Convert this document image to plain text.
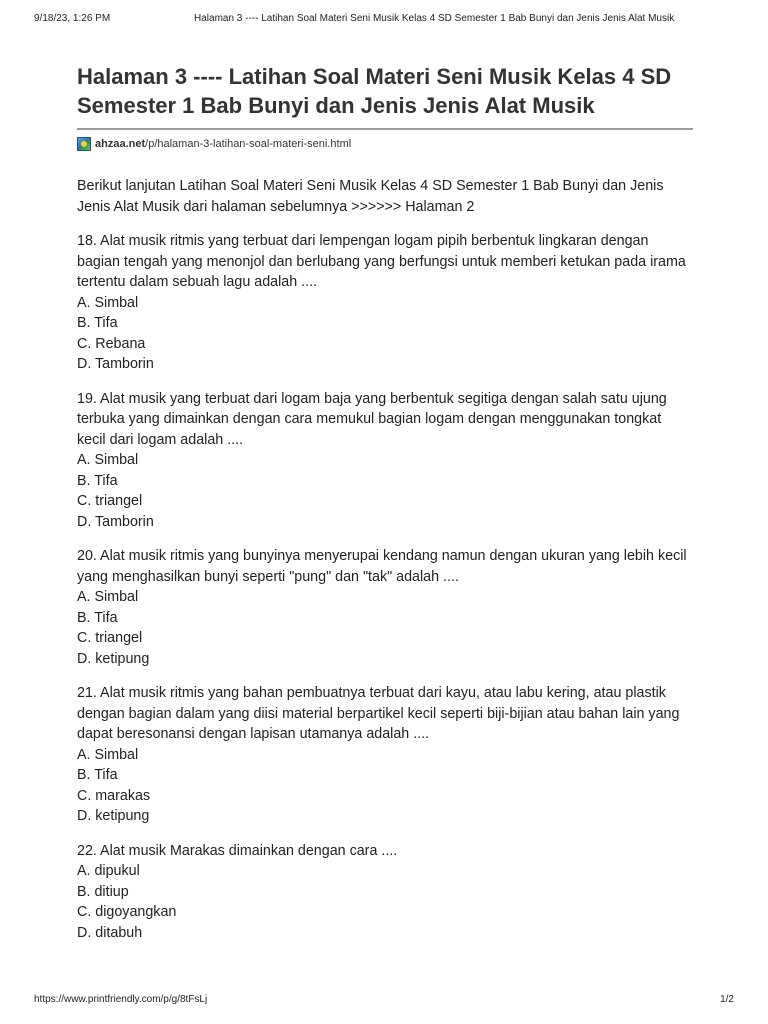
9/18/23, 1:26 PM	Halaman 3 ---- Latihan Soal Materi Seni Musik Kelas 4 SD Semester 1 Bab Bunyi dan Jenis Jenis Alat Musik
Halaman 3 ---- Latihan Soal Materi Seni Musik Kelas 4 SD Semester 1 Bab Bunyi dan Jenis Jenis Alat Musik
ahzaa.net /p/halaman-3-latihan-soal-materi-seni.html
Berikut lanjutan Latihan Soal Materi Seni Musik Kelas 4 SD Semester 1 Bab Bunyi dan Jenis Jenis Alat Musik dari halaman sebelumnya >>>>>> Halaman 2
18. Alat musik ritmis yang terbuat dari lempengan logam pipih berbentuk lingkaran dengan bagian tengah yang menonjol dan berlubang yang berfungsi untuk memberi ketukan pada irama tertentu dalam sebuah lagu adalah ....
A. Simbal
B. Tifa
C. Rebana
D. Tamborin
19. Alat musik yang terbuat dari logam baja yang berbentuk segitiga dengan salah satu ujung terbuka yang dimainkan dengan cara memukul bagian logam dengan menggunakan tongkat kecil dari logam adalah ....
A. Simbal
B. Tifa
C. triangel
D. Tamborin
20. Alat musik ritmis yang bunyinya menyerupai kendang namun dengan ukuran yang lebih kecil yang menghasilkan bunyi seperti "pung" dan "tak" adalah ....
A. Simbal
B. Tifa
C. triangel
D. ketipung
21. Alat musik ritmis yang bahan pembuatnya terbuat dari kayu, atau labu kering, atau plastik dengan bagian dalam yang diisi material berpartikel kecil seperti biji-bijian atau bahan lain yang dapat beresonansi dengan lapisan utamanya adalah ....
A. Simbal
B. Tifa
C. marakas
D. ketipung
22. Alat musik Marakas dimainkan dengan cara ....
A. dipukul
B. ditiup
C. digoyangkan
D. ditabuh
https://www.printfriendly.com/p/g/8tFsLj	1/2
